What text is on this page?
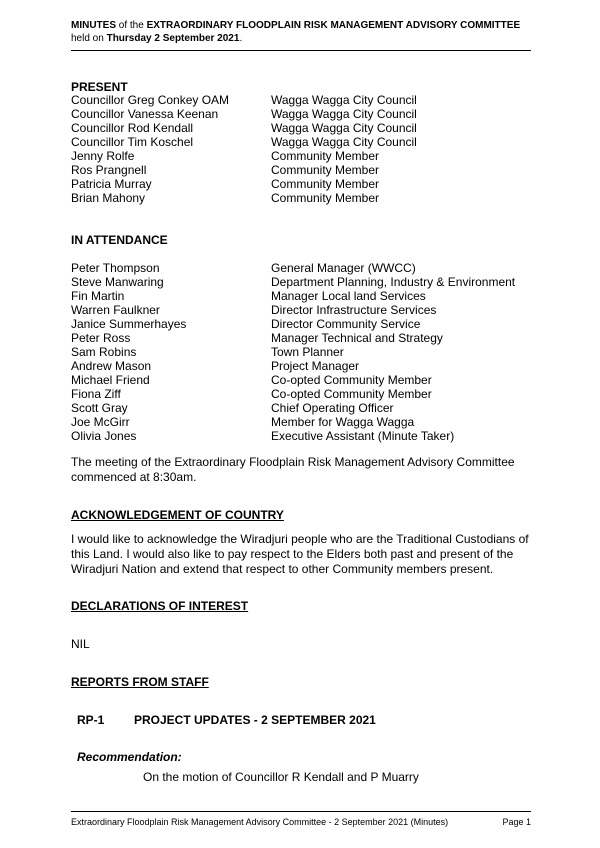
MINUTES of the EXTRAORDINARY FLOODPLAIN RISK MANAGEMENT ADVISORY COMMITTEE
held on Thursday 2 September 2021.
PRESENT
Councillor Greg Conkey OAM	Wagga Wagga City Council
Councillor Vanessa Keenan	Wagga Wagga City Council
Councillor Rod Kendall	Wagga Wagga City Council
Councillor Tim Koschel	Wagga Wagga City Council
Jenny Rolfe	Community Member
Ros Prangnell	Community Member
Patricia Murray	Community Member
Brian Mahony	Community Member
IN ATTENDANCE
Peter Thompson	General Manager (WWCC)
Steve Manwaring	Department Planning, Industry & Environment
Fin Martin	Manager Local land Services
Warren Faulkner	Director Infrastructure Services
Janice Summerhayes	Director Community Service
Peter Ross	Manager Technical and Strategy
Sam Robins	Town Planner
Andrew Mason	Project Manager
Michael Friend	Co-opted Community Member
Fiona Ziff	Co-opted Community Member
Scott Gray	Chief Operating Officer
Joe McGirr	Member for Wagga Wagga
Olivia Jones	Executive Assistant (Minute Taker)
The meeting of the Extraordinary Floodplain Risk Management Advisory Committee commenced at 8:30am.
ACKNOWLEDGEMENT OF COUNTRY
I would like to acknowledge the Wiradjuri people who are the Traditional Custodians of this Land. I would also like to pay respect to the Elders both past and present of the Wiradjuri Nation and extend that respect to other Community members present.
DECLARATIONS OF INTEREST
NIL
REPORTS FROM STAFF
RP-1 PROJECT UPDATES - 2 SEPTEMBER 2021
Recommendation:
On the motion of Councillor R Kendall and P Muarry
Extraordinary Floodplain Risk Management Advisory Committee - 2 September 2021 (Minutes)	Page 1
